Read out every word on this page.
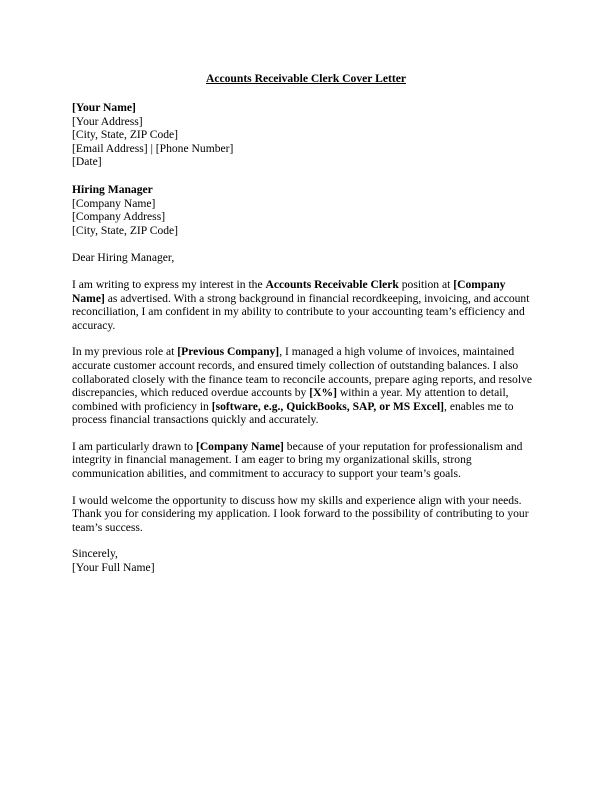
Accounts Receivable Clerk Cover Letter
[Your Name]
[Your Address]
[City, State, ZIP Code]
[Email Address] | [Phone Number]
[Date]
Hiring Manager
[Company Name]
[Company Address]
[City, State, ZIP Code]

Dear Hiring Manager,

I am writing to express my interest in the Accounts Receivable Clerk position at [Company Name] as advertised. With a strong background in financial recordkeeping, invoicing, and account reconciliation, I am confident in my ability to contribute to your accounting team’s efficiency and accuracy.

In my previous role at [Previous Company], I managed a high volume of invoices, maintained accurate customer account records, and ensured timely collection of outstanding balances. I also collaborated closely with the finance team to reconcile accounts, prepare aging reports, and resolve discrepancies, which reduced overdue accounts by [X%] within a year. My attention to detail, combined with proficiency in [software, e.g., QuickBooks, SAP, or MS Excel], enables me to process financial transactions quickly and accurately.

I am particularly drawn to [Company Name] because of your reputation for professionalism and integrity in financial management. I am eager to bring my organizational skills, strong communication abilities, and commitment to accuracy to support your team’s goals.

I would welcome the opportunity to discuss how my skills and experience align with your needs. Thank you for considering my application. I look forward to the possibility of contributing to your team’s success.

Sincerely,
[Your Full Name]
